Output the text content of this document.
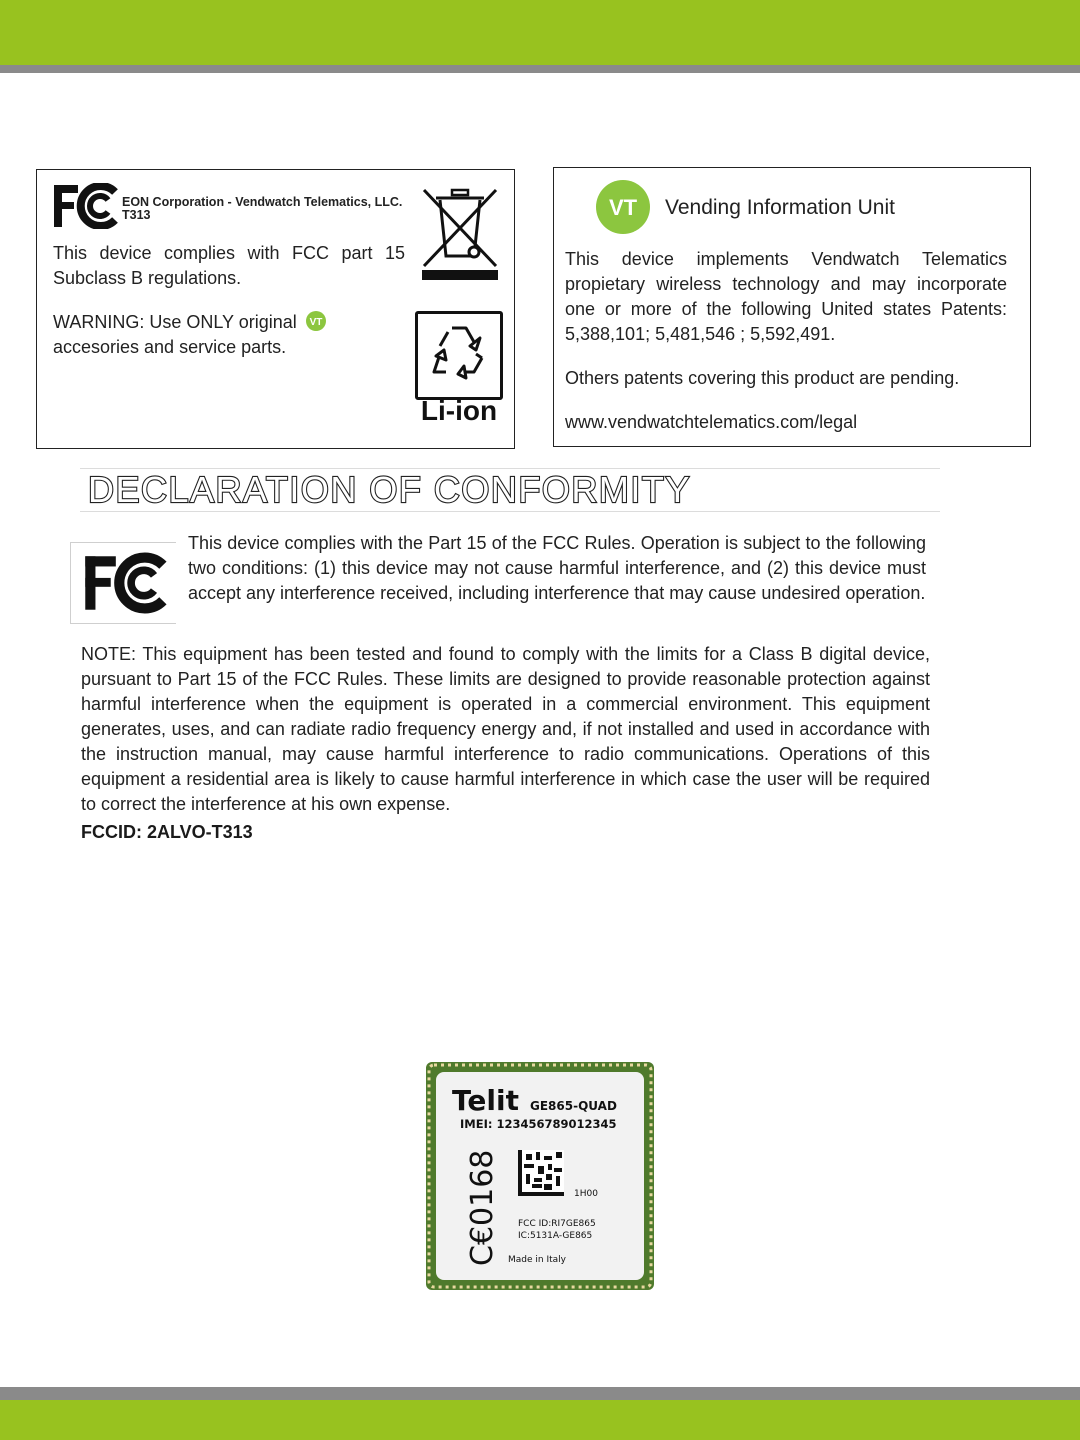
EON Corporation - Vendwatch Telematics, LLC.
T313
This device complies with FCC part 15 Subclass B regulations.
WARNING: Use ONLY original VT

accesories and service parts.
Li-ion
VT Vending Information Unit
This device implements Vendwatch Telematics propietary wireless technology and may incorporate one or more of the following United states Patents: 5,388,101; 5,481,546 ; 5,592,491.
Others patents covering this product are pending.
www.vendwatchtelematics.com/legal
DECLARATION OF CONFORMITY
This device complies with the Part 15 of the FCC Rules. Operation is subject to the following two conditions: (1) this device may not cause harmful interference, and (2) this device must accept any interference received, including interference that may cause undesired operation.
NOTE: This equipment has been tested and found to comply with the limits for a Class B digital device, pursuant to Part 15 of the FCC Rules. These limits are designed to provide reasonable protection against harmful interference when the equipment is operated in a commercial environment. This equipment generates, uses, and can radiate radio frequency energy and, if not installed and used in accordance with the instruction manual, may cause harmful interference to radio communications. Operations of this equipment a residential area is likely to cause harmful interference in which case the user will be required to correct the interference at his own expense.
FCCID: 2ALVO-T313
Telit GE865-QUAD
IMEI: 123456789012345
1H00
FCC ID:RI7GE865
IC:5131A-GE865
Made in Italy
C€0168
